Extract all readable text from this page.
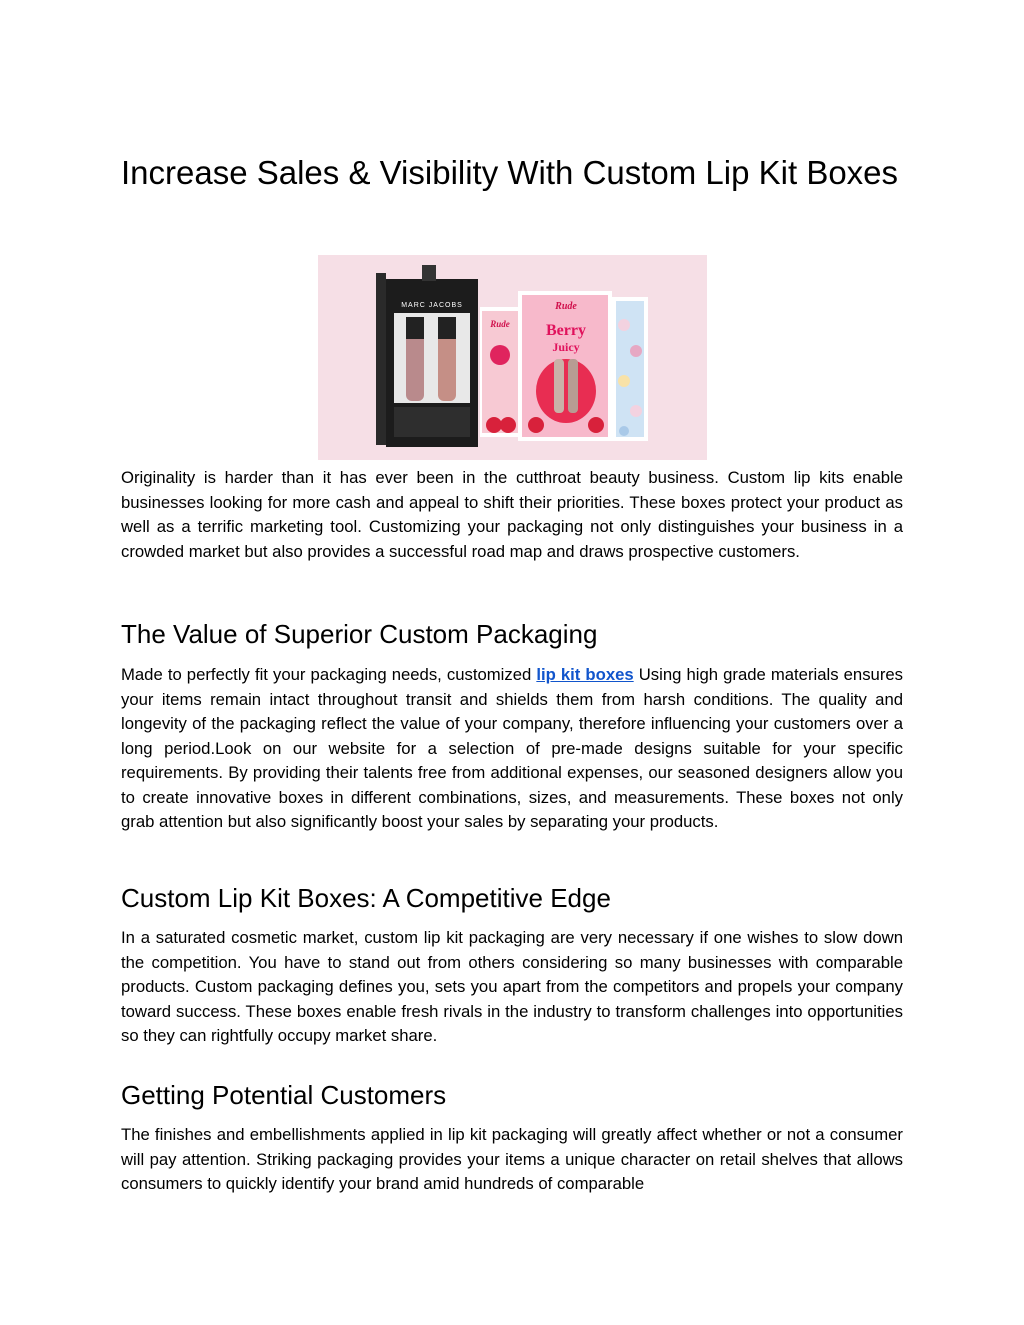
Increase Sales & Visibility With Custom Lip Kit Boxes
MARC JACOBS
Rude
Rude
Berry
Juicy

Originality is harder than it has ever been in the cutthroat beauty business. Custom lip kits enable businesses looking for more cash and appeal to shift their priorities. These boxes protect your product as well as a terrific marketing tool. Customizing your packaging not only distinguishes your business in a crowded market but also provides a successful road map and draws prospective customers.

The Value of Superior Custom Packaging

Made to perfectly fit your packaging needs, customized lip kit boxes Using high grade materials ensures your items remain intact throughout transit and shields them from harsh conditions. The quality and longevity of the packaging reflect the value of your company, therefore influencing your customers over a long period.Look on our website for a selection of pre-made designs suitable for your specific requirements. By providing their talents free from additional expenses, our seasoned designers allow you to create innovative boxes in different combinations, sizes, and measurements. These boxes not only grab attention but also significantly boost your sales by separating your products.

Custom Lip Kit Boxes: A Competitive Edge

In a saturated cosmetic market, custom lip kit packaging are very necessary if one wishes to slow down the competition. You have to stand out from others considering so many businesses with comparable products. Custom packaging defines you, sets you apart from the competitors and propels your company toward success. These boxes enable fresh rivals in the industry to transform challenges into opportunities so they can rightfully occupy market share.

Getting Potential Customers

The finishes and embellishments applied in lip kit packaging will greatly affect whether or not a consumer will pay attention. Striking packaging provides your items a unique character on retail shelves that allows consumers to quickly identify your brand amid hundreds of comparable
